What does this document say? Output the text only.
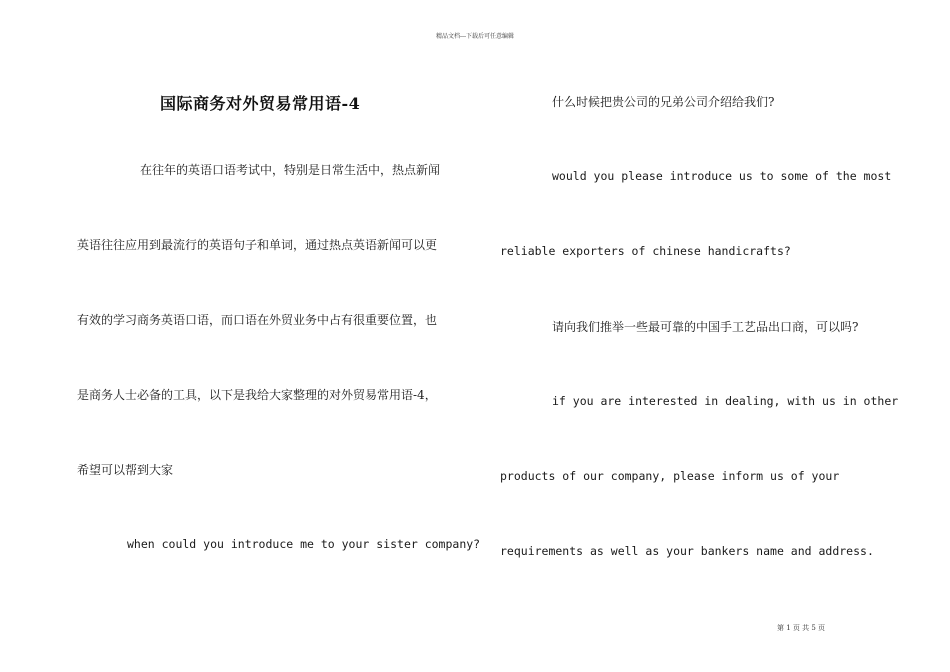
精品文档---下载后可任意编辑
国际商务对外贸易常用语-4
在往年的英语口语考试中，特别是日常生活中，热点新闻
英语往往应用到最流行的英语句子和单词，通过热点英语新闻可以更
有效的学习商务英语口语，而口语在外贸业务中占有很重要位置，也
是商务人士必备的工具，以下是我给大家整理的对外贸易常用语-4，
希望可以帮到大家
when could you introduce me to your sister company?
什么时候把贵公司的兄弟公司介绍给我们?
would you please introduce us to some of the most
reliable exporters of chinese handicrafts?
请向我们推举一些最可靠的中国手工艺品出口商，可以吗?
if you are interested in dealing, with us in other
products of our company, please inform us of your
requirements as well as your bankers name and address.
第 1 页 共 5 页
